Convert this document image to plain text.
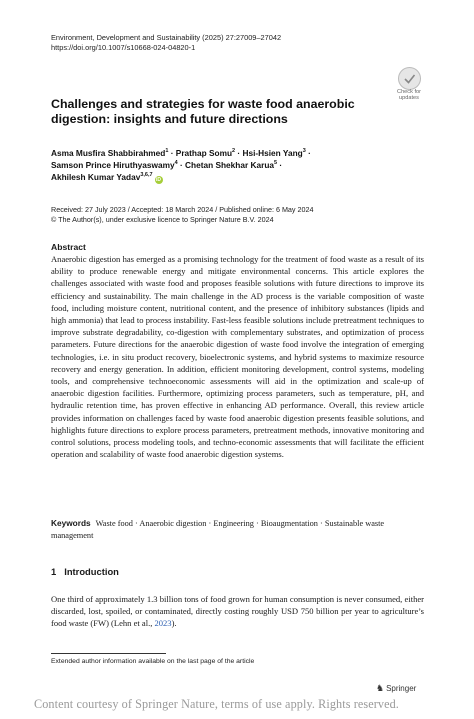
Environment, Development and Sustainability (2025) 27:27009–27042
https://doi.org/10.1007/s10668-024-04820-1
Check for
updates
Challenges and strategies for waste food anaerobic digestion: insights and future directions
Asma Musfira Shabbirahmed$^1$ · Prathap Somu$^2$ · Hsi-Hsien Yang$^3$ ·
Samson Prince Hiruthyaswamy$^4$ · Chetan Shekhar Karua$^5$ ·
Akhilesh Kumar Yadav$^{3,6,7}$iD
Received: 27 July 2023 / Accepted: 18 March 2024 / Published online: 6 May 2024
© The Author(s), under exclusive licence to Springer Nature B.V. 2024
Abstract
Anaerobic digestion has emerged as a promising technology for the treatment of food waste as a result of its ability to produce renewable energy and mitigate environmental concerns. This article explores the challenges associated with waste food and proposes feasible solutions with future directions to improve its efficiency and sustainability. The main challenge in the AD process is the variable composition of waste food, including moisture content, nutritional content, and the presence of inhibitory substances (lipids and high ammonia) that lead to process instability. Fast-less feasible solutions include pretreatment techniques to improve substrate degradability, co-digestion with complementary substrates, and optimization of process parameters. Future directions for the anaerobic digestion of waste food involve the integration of emerging technologies, i.e. in situ product recovery, bioelectronic systems, and hybrid systems to maximize resource recovery and energy generation. In addition, efficient monitoring development, control systems, modeling tools, and comprehensive technoeconomic assessments will aid in the optimization and scale-up of anaerobic digestion facilities. Furthermore, optimizing process parameters, such as temperature, pH, and hydraulic retention time, has proven effective in enhancing AD performance. Overall, this review article provides information on challenges faced by waste food anaerobic digestion presents feasible solutions, and highlights future directions to explore process parameters, pretreatment methods, innovative monitoring and control solutions, process modeling tools, and techno-economic assessments that will facilitate the efficient operation and scalability of waste food anaerobic digestion systems.
Keywords Waste food · Anaerobic digestion · Engineering · Bioaugmentation · Sustainable waste management
1 Introduction
One third of approximately 1.3 billion tons of food grown for human consumption is never consumed, either discarded, lost, spoiled, or contaminated, directly costing roughly USD 750 billion per year to agriculture’s food waste (FW) (Lehn et al., 2023).
Extended author information available on the last page of the article
♞ Springer
Content courtesy of Springer Nature, terms of use apply. Rights reserved.
